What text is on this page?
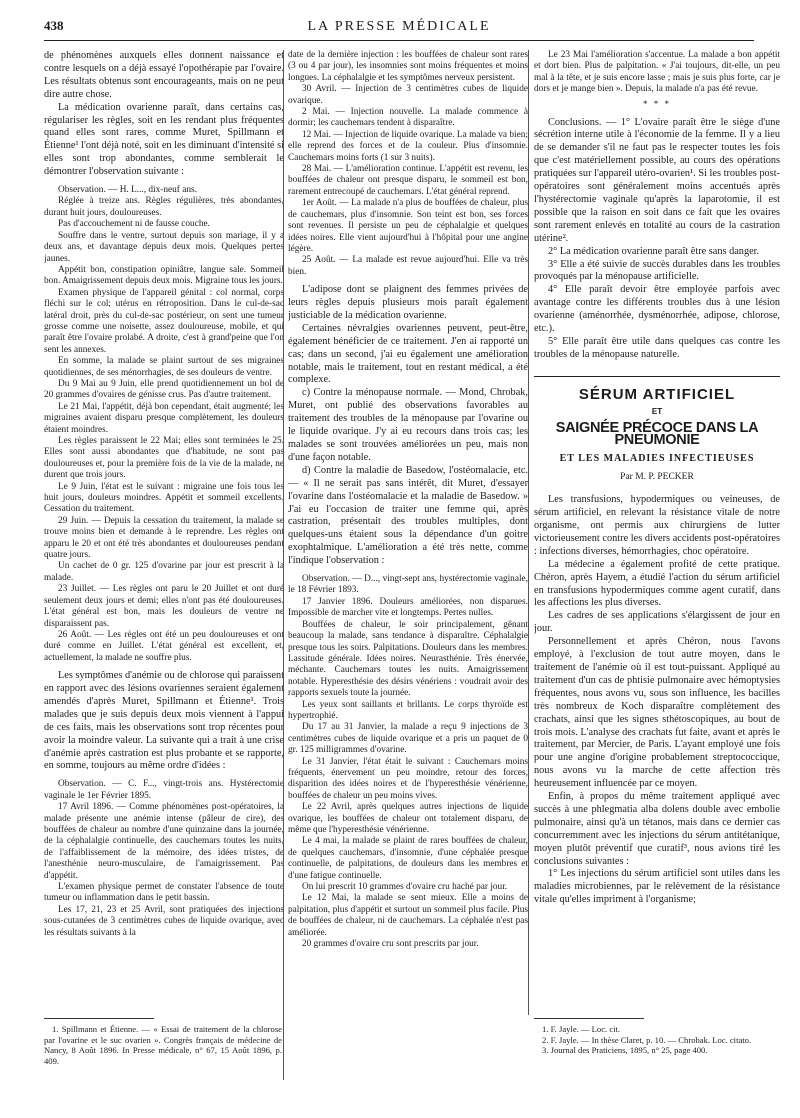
438	LA PRESSE MÉDICALE

de phénomènes auxquels elles donnent naissance et contre lesquels on a déjà essayé l'opothérapie par l'ovaire. Les résultats obtenus sont encourageants, mais on ne peut dire autre chose.

La médication ovarienne paraît, dans certains cas, régulariser les règles, soit en les rendant plus fréquentes quand elles sont rares, comme Muret, Spillmann et Étienne¹ l'ont déjà noté, soit en les diminuant d'intensité si elles sont trop abondantes, comme semblerait le démontrer l'observation suivante :

Observation. — H. L..., dix-neuf ans.

Réglée à treize ans. Règles régulières, très abondantes, durant huit jours, douloureuses.

Pas d'accouchement ni de fausse couche.

Souffre dans le ventre, surtout depuis son mariage, il y a deux ans, et davantage depuis deux mois. Quelques pertes jaunes.

Appétit bon, constipation opiniâtre, langue sale. Sommeil bon. Amaigrissement depuis deux mois. Migraine tous les jours.

Examen physique de l'appareil génital : col normal, corps fléchi sur le col; utérus en rétroposition. Dans le cul-de-sac latéral droit, près du cul-de-sac postérieur, on sent une tumeur grosse comme une noisette, assez douloureuse, mobile, et qui paraît être l'ovaire prolabé. A droite, c'est à grand'peine que l'on sent les annexes.

En somme, la malade se plaint surtout de ses migraines quotidiennes, de ses ménorrhagies, de ses douleurs de ventre.

Du 9 Mai au 9 Juin, elle prend quotidiennement un bol de 20 grammes d'ovaires de génisse crus. Pas d'autre traitement.

Le 21 Mai, l'appétit, déjà bon cependant, était augmenté; les migraines avaient disparu presque complètement, les douleurs étaient moindres.

Les règles paraissent le 22 Mai; elles sont terminées le 25. Elles sont aussi abondantes que d'habitude, ne sont pas douloureuses et, pour la première fois de la vie de la malade, ne durent que trois jours.

Le 9 Juin, l'état est le suivant : migraine une fois tous les huit jours, douleurs moindres. Appétit et sommeil excellents. Cessation du traitement.

29 Juin. — Depuis la cessation du traitement, la malade se trouve moins bien et demande à le reprendre. Les règles ont apparu le 20 et ont été très abondantes et douloureuses pendant quatre jours.

Un cachet de 0 gr. 125 d'ovarine par jour est prescrit à la malade.

23 Juillet. — Les règles ont paru le 20 Juillet et ont duré seulement deux jours et demi; elles n'ont pas été douloureuses. L'état général est bon, mais les douleurs de ventre ne disparaissent pas.

26 Août. — Les règles ont été un peu douloureuses et ont duré comme en Juillet. L'état général est excellent, et, actuellement, la malade ne souffre plus.

Les symptômes d'anémie ou de chlorose qui paraissent en rapport avec des lésions ovariennes seraient également amendés d'après Muret, Spillmann et Étienne¹. Trois malades que je suis depuis deux mois viennent à l'appui de ces faits, mais les observations sont trop récentes pour avoir la moindre valeur. La suivante qui a trait à une crise d'anémie après castration est plus probante et se rapporte, en somme, toujours au même ordre d'idées :

Observation. — C. F..., vingt-trois ans. Hystérectomie vaginale le 1er Février 1895.

17 Avril 1896. — Comme phénomènes post-opératoires, la malade présente une anémie intense (pâleur de cire), des bouffées de chaleur au nombre d'une quinzaine dans la journée, de la céphalalgie continuelle, des cauchemars toutes les nuits, de l'affaiblissement de la mémoire, des idées tristes, de l'anesthénie neuro-musculaire, de l'amaigrissement. Pas d'appétit.

L'examen physique permet de constater l'absence de toute tumeur ou inflammation dans le petit bassin.

Les 17, 21, 23 et 25 Avril, sont pratiquées des injections sous-cutanées de 3 centimètres cubes de liquide ovarique, avec les résultats suivants à la

date de la dernière injection : les bouffées de chaleur sont rares (3 ou 4 par jour), les insomnies sont moins fréquentes et moins longues. La céphalalgie et les symptômes nerveux persistent.

30 Avril. — Injection de 3 centimètres cubes de liquide ovarique.

2 Mai. — Injection nouvelle. La malade commence à dormir; les cauchemars tendent à disparaître.

12 Mai. — Injection de liquide ovarique. La malade va bien; elle reprend des forces et de la couleur. Plus d'insomnie. Cauchemars moins forts (1 sur 3 nuits).

28 Mai. — L'amélioration continue. L'appétit est revenu, les bouffées de chaleur ont presque disparu, le sommeil est bon, rarement entrecoupé de cauchemars. L'état général reprend.

1er Août. — La malade n'a plus de bouffées de chaleur, plus de cauchemars, plus d'insomnie. Son teint est bon, ses forces sont revenues. Il persiste un peu de céphalalgie et quelques idées noires. Elle vient aujourd'hui à l'hôpital pour une angine légère.

25 Août. — La malade est revue aujourd'hui. Elle va très bien.

L'adipose dont se plaignent des femmes privées de leurs règles depuis plusieurs mois paraît également justiciable de la médication ovarienne.

Certaines névralgies ovariennes peuvent, peut-être, également bénéficier de ce traitement. J'en ai rapporté un cas; dans un second, j'ai eu également une amélioration notable, mais le traitement, tout en restant médical, a été complexe.

c) Contre la ménopause normale. — Mond, Chrobak, Muret, ont publié des observations favorables au traitement des troubles de la ménopause par l'ovarine ou le liquide ovarique. J'y ai eu recours dans trois cas; les malades se sont trouvées améliorées un peu, mais non d'une façon notable.

d) Contre la maladie de Basedow, l'ostéomalacie, etc. — « Il ne serait pas sans intérêt, dit Muret, d'essayer l'ovarine dans l'ostéomalacie et la maladie de Basedow. » J'ai eu l'occasion de traiter une femme qui, après castration, présentait des troubles multiples, dont quelques-uns étaient sous la dépendance d'un goitre exophtalmique. L'amélioration a été très nette, comme l'indique l'observation :

Observation. — D..., vingt-sept ans, hystérectomie vaginale, le 18 Février 1893.

17 Janvier 1896. Douleurs améliorées, non disparues. Impossible de marcher vite et longtemps. Pertes nulles.

Bouffées de chaleur, le soir principalement, gênant beaucoup la malade, sans tendance à disparaître. Céphalalgie presque tous les soirs. Palpitations. Douleurs dans les membres. Lassitude générale. Idées noires. Neurasthénie. Très énervée, méchante. Cauchemars toutes les nuits. Amaigrissement notable. Hyperesthésie des désirs vénériens : voudrait avoir des rapports sexuels toute la journée.

Les yeux sont saillants et brillants. Le corps thyroïde est hypertrophié.

Du 17 au 31 Janvier, la malade a reçu 9 injections de 3 centimètres cubes de liquide ovarique et a pris un paquet de 0 gr. 125 milligrammes d'ovarine.

Le 31 Janvier, l'état était le suivant : Cauchemars moins fréquents, énervement un peu moindre, retour des forces, disparition des idées noires et de l'hyperesthésie vénérienne, bouffées de chaleur un peu moins vives.

Le 22 Avril, après quelques autres injections de liquide ovarique, les bouffées de chaleur ont totalement disparu, de même que l'hyperesthésie vénérienne.

Le 4 mai, la malade se plaint de rares bouffées de chaleur, de quelques cauchemars, d'insomnie, d'une céphalée presque continuelle, de palpitations, de douleurs dans les membres et d'une fatigue continuelle.

On lui prescrit 10 grammes d'ovaire cru haché par jour.

Le 12 Mai, la malade se sent mieux. Elle a moins de palpitation, plus d'appétit et surtout un sommeil plus facile. Plus de bouffées de chaleur, ni de cauchemars. La céphalée n'est pas améliorée.

20 grammes d'ovaire cru sont prescrits par jour.

Le 23 Mai l'amélioration s'accentue. La malade a bon appétit et dort bien. Plus de palpitation. « J'ai toujours, dit-elle, un peu mal à la tête, et je suis encore lasse ; mais je suis plus forte, car je dors et je mange bien ». Depuis, la malade n'a pas été revue.

* * *

Conclusions. — 1° L'ovaire paraît être le siège d'une sécrétion interne utile à l'économie de la femme. Il y a lieu de se demander s'il ne faut pas le respecter toutes les fois que c'est matériellement possible, au cours des opérations pratiquées sur l'appareil utéro-ovarien¹. Si les troubles post-opératoires sont généralement moins accentués après l'hystérectomie vaginale qu'après la laparotomie, il est possible que la raison en soit dans ce fait que les ovaires sont rarement enlevés en totalité au cours de la castration utérine².

2° La médication ovarienne paraît être sans danger.

3° Elle a été suivie de succès durables dans les troubles provoqués par la ménopause artificielle.

4° Elle paraît devoir être employée parfois avec avantage contre les différents troubles dus à une lésion ovarienne (aménorrhée, dysménorrhée, adipose, chlorose, etc.).

5° Elle paraît être utile dans quelques cas contre les troubles de la ménopause naturelle.

SÉRUM ARTIFICIEL
ET
SAIGNÉE PRÉCOCE DANS LA PNEUMONIE
ET LES MALADIES INFECTIEUSES
Par M. P. PECKER

Les transfusions, hypodermiques ou veineuses, de sérum artificiel, en relevant la résistance vitale de notre organisme, ont permis aux chirurgiens de lutter victorieusement contre les divers accidents post-opératoires : infections diverses, hémorrhagies, choc opératoire.

La médecine a également profité de cette pratique. Chéron, après Hayem, a étudié l'action du sérum artificiel en transfusions hypodermiques comme agent curatif, dans les affections les plus diverses.

Les cadres de ses applications s'élargissent de jour en jour.

Personnellement et après Chéron, nous l'avons employé, à l'exclusion de tout autre moyen, dans le traitement de l'anémie où il est tout-puissant. Appliqué au traitement d'un cas de phtisie pulmonaire avec hémoptysies fréquentes, nous avons vu, sous son influence, les bacilles très nombreux de Koch disparaître complètement des crachats, ainsi que les signes sthétoscopiques, au bout de trois mois. L'analyse des crachats fut faite, avant et après le traitement, par Mercier, de Paris. L'ayant employé une fois pour une angine d'origine probablement streptococcique, nous avons vu la marche de cette affection très heureusement influencée par ce moyen.

Enfin, à propos du même traitement appliqué avec succès à une phlegmatia alba dolens double avec embolie pulmonaire, ainsi qu'à un tétanos, mais dans ce dernier cas concurremment avec les injections du sérum antitétanique, moyen plutôt préventif que curatif³, nous avions tiré les conclusions suivantes :

1° Les injections du sérum artificiel sont utiles dans les maladies microbiennes, par le relèvement de la résistance vitale qu'elles impriment à l'organisme;

1. Spillmann et Étienne. — « Essai de traitement de la chlorose par l'ovarine et le suc ovarien ». Congrès français de médecine de Nancy, 8 Août 1896. In Presse médicale, n° 67, 15 Août 1896, p. 409.

1. F. Jayle. — Loc. cit.

2. F. Jayle. — In thèse Claret, p. 10. — Chrobak. Loc. citato.

3. Journal des Praticiens, 1895, n° 25, page 400.
